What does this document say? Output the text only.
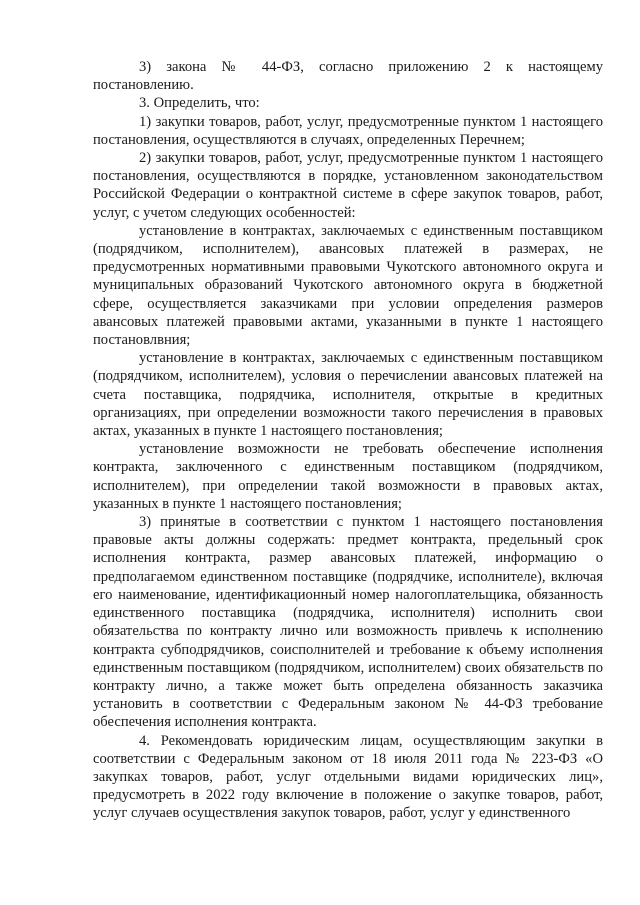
3) закона № 44-ФЗ, согласно приложению 2 к настоящему постановлению.

3. Определить, что:

1) закупки товаров, работ, услуг, предусмотренные пунктом 1 настоящего постановления, осуществляются в случаях, определенных Перечнем;

2) закупки товаров, работ, услуг, предусмотренные пунктом 1 настоящего постановления, осуществляются в порядке, установленном законодательством Российской Федерации о контрактной системе в сфере закупок товаров, работ, услуг, с учетом следующих особенностей:

установление в контрактах, заключаемых с единственным поставщиком (подрядчиком, исполнителем), авансовых платежей в размерах, не предусмотренных нормативными правовыми Чукотского автономного округа и муниципальных образований Чукотского автономного округа в бюджетной сфере, осуществляется заказчиками при условии определения размеров авансовых платежей правовыми актами, указанными в пункте 1 настоящего постановлвния;

установление в контрактах, заключаемых с единственным поставщиком (подрядчиком, исполнителем), условия о перечислении авансовых платежей на счета поставщика, подрядчика, исполнителя, открытые в кредитных организациях, при определении возможности такого перечисления в правовых актах, указанных в пункте 1 настоящего постановления;

установление возможности не требовать обеспечение исполнения контракта, заключенного с единственным поставщиком (подрядчиком, исполнителем), при определении такой возможности в правовых актах, указанных в пункте 1 настоящего постановления;

3) принятые в соответствии с пунктом 1 настоящего постановления правовые акты должны содержать: предмет контракта, предельный срок исполнения контракта, размер авансовых платежей, информацию о предполагаемом единственном поставщике (подрядчике, исполнителе), включая его наименование, идентификационный номер налогоплательщика, обязанность единственного поставщика (подрядчика, исполнителя) исполнить свои обязательства по контракту лично или возможность привлечь к исполнению контракта субподрядчиков, соисполнителей и требование к объему исполнения единственным поставщиком (подрядчиком, исполнителем) своих обязательств по контракту лично, а также может быть определена обязанность заказчика установить в соответствии с Федеральным законом № 44-ФЗ требование обеспечения исполнения контракта.

4. Рекомендовать юридическим лицам, осуществляющим закупки в соответствии с Федеральным законом от 18 июля 2011 года № 223-ФЗ «О закупках товаров, работ, услуг отдельными видами юридических лиц», предусмотреть в 2022 году включение в положение о закупке товаров, работ, услуг случаев осуществления закупок товаров, работ, услуг у единственного
